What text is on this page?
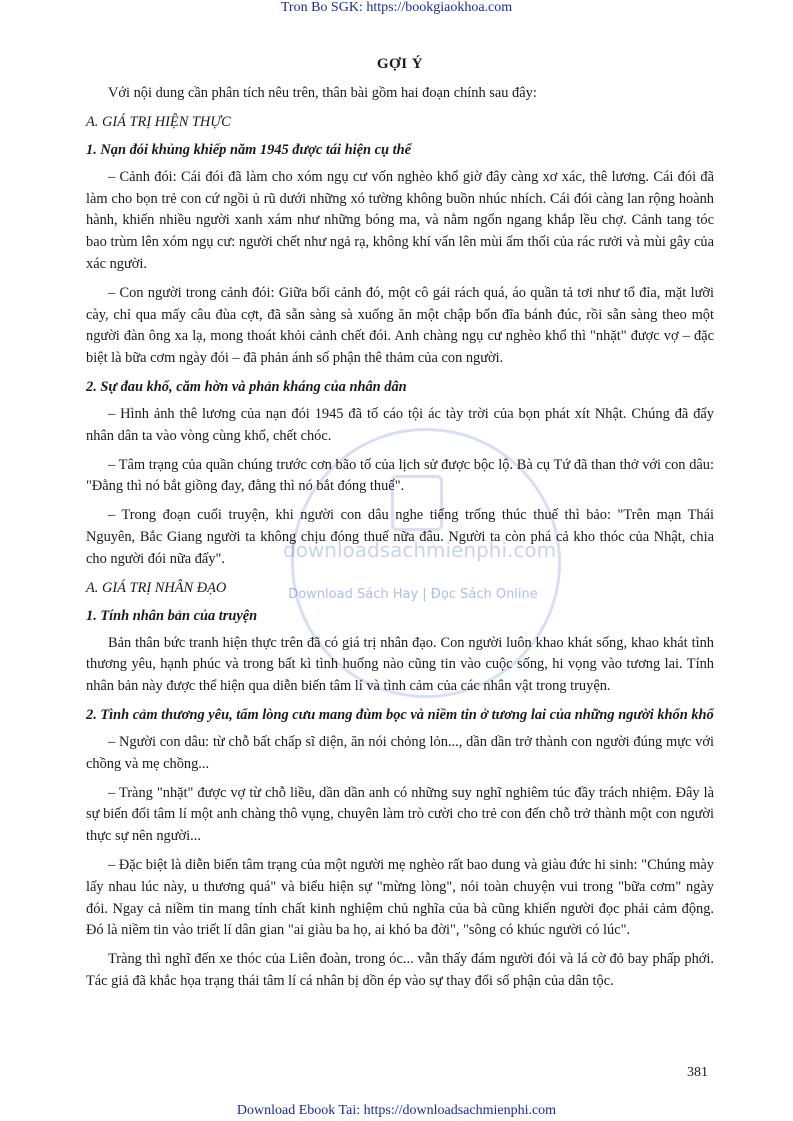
Tron Bo SGK: https://bookgiaokhoa.com
downloadsachmienphi.com
Download Sách Hay | Đọc Sách Online
GỢI Ý

Với nội dung cần phân tích nêu trên, thân bài gồm hai đoạn chính sau đây:

A. GIÁ TRỊ HIỆN THỰC
1. Nạn đói khủng khiếp năm 1945 được tái hiện cụ thể

– Cảnh đói: Cái đói đã làm cho xóm ngụ cư vốn nghèo khổ giờ đây càng xơ xác, thê lương. Cái đói đã làm cho bọn trẻ con cứ ngồi ủ rũ dưới những xó tường không buồn nhúc nhích. Cái đói càng lan rộng hoành hành, khiến nhiều người xanh xám như những bóng ma, và nằm ngổn ngang khắp lều chợ. Cảnh tang tóc bao trùm lên xóm ngụ cư: người chết như ngả rạ, không khí vẩn lên mùi ẩm thối của rác rưởi và mùi gây của xác người.

– Con người trong cảnh đói: Giữa bối cảnh đó, một cô gái rách quá, áo quần tả tơi như tổ đỉa, mặt lưỡi cày, chỉ qua mấy câu đùa cợt, đã sẵn sàng sà xuống ăn một chập bốn đĩa bánh đúc, rồi sẵn sàng theo một người đàn ông xa lạ, mong thoát khỏi cảnh chết đói. Anh chàng ngụ cư nghèo khổ thì "nhặt" được vợ – đặc biệt là bữa cơm ngày đói – đã phản ánh số phận thê thảm của con người.

2. Sự đau khổ, căm hờn và phản kháng của nhân dân

– Hình ảnh thê lương của nạn đói 1945 đã tố cáo tội ác tày trời của bọn phát xít Nhật. Chúng đã đẩy nhân dân ta vào vòng cùng khổ, chết chóc.

– Tâm trạng của quần chúng trước cơn bão tố của lịch sử được bộc lộ. Bà cụ Tứ đã than thở với con dâu: "Đằng thì nó bắt giồng đay, đằng thì nó bắt đóng thuế".

– Trong đoạn cuối truyện, khi người con dâu nghe tiếng trống thúc thuế thì bảo: "Trên mạn Thái Nguyên, Bắc Giang người ta không chịu đóng thuế nữa đâu. Người ta còn phá cả kho thóc của Nhật, chia cho người đói nữa đấy".

A. GIÁ TRỊ NHÂN ĐẠO
1. Tính nhân bản của truyện

Bản thân bức tranh hiện thực trên đã có giá trị nhân đạo. Con người luôn khao khát sống, khao khát tình thương yêu, hạnh phúc và trong bất kì tình huống nào cũng tin vào cuộc sống, hi vọng vào tương lai. Tính nhân bản này được thể hiện qua diễn biến tâm lí và tình cảm của các nhân vật trong truyện.

2. Tình cảm thương yêu, tấm lòng cưu mang đùm bọc và niềm tin ở tương lai của những người khốn khổ

– Người con dâu: từ chỗ bất chấp sĩ diện, ăn nói chỏng lỏn..., dần dần trở thành con người đúng mực với chồng và mẹ chồng...

– Tràng "nhặt" được vợ từ chỗ liều, dần dần anh có những suy nghĩ nghiêm túc đầy trách nhiệm. Đây là sự biến đổi tâm lí một anh chàng thô vụng, chuyên làm trò cười cho trẻ con đến chỗ trở thành một con người thực sự nên người...

– Đặc biệt là diễn biến tâm trạng của một người mẹ nghèo rất bao dung và giàu đức hi sinh: "Chúng mày lấy nhau lúc này, u thương quá" và biểu hiện sự "mừng lòng", nói toàn chuyện vui trong "bữa cơm" ngày đói. Ngay cả niềm tin mang tính chất kinh nghiệm chủ nghĩa của bà cũng khiến người đọc phải cảm động. Đó là niềm tin vào triết lí dân gian "ai giàu ba họ, ai khó ba đời", "sông có khúc người có lúc".

Tràng thì nghĩ đến xe thóc của Liên đoàn, trong óc... vẫn thấy đám người đói và lá cờ đỏ bay phấp phới. Tác giả đã khắc họa trạng thái tâm lí cá nhân bị dồn ép vào sự thay đổi số phận của dân tộc.

381
Download Ebook Tai: https://downloadsachmienphi.com
